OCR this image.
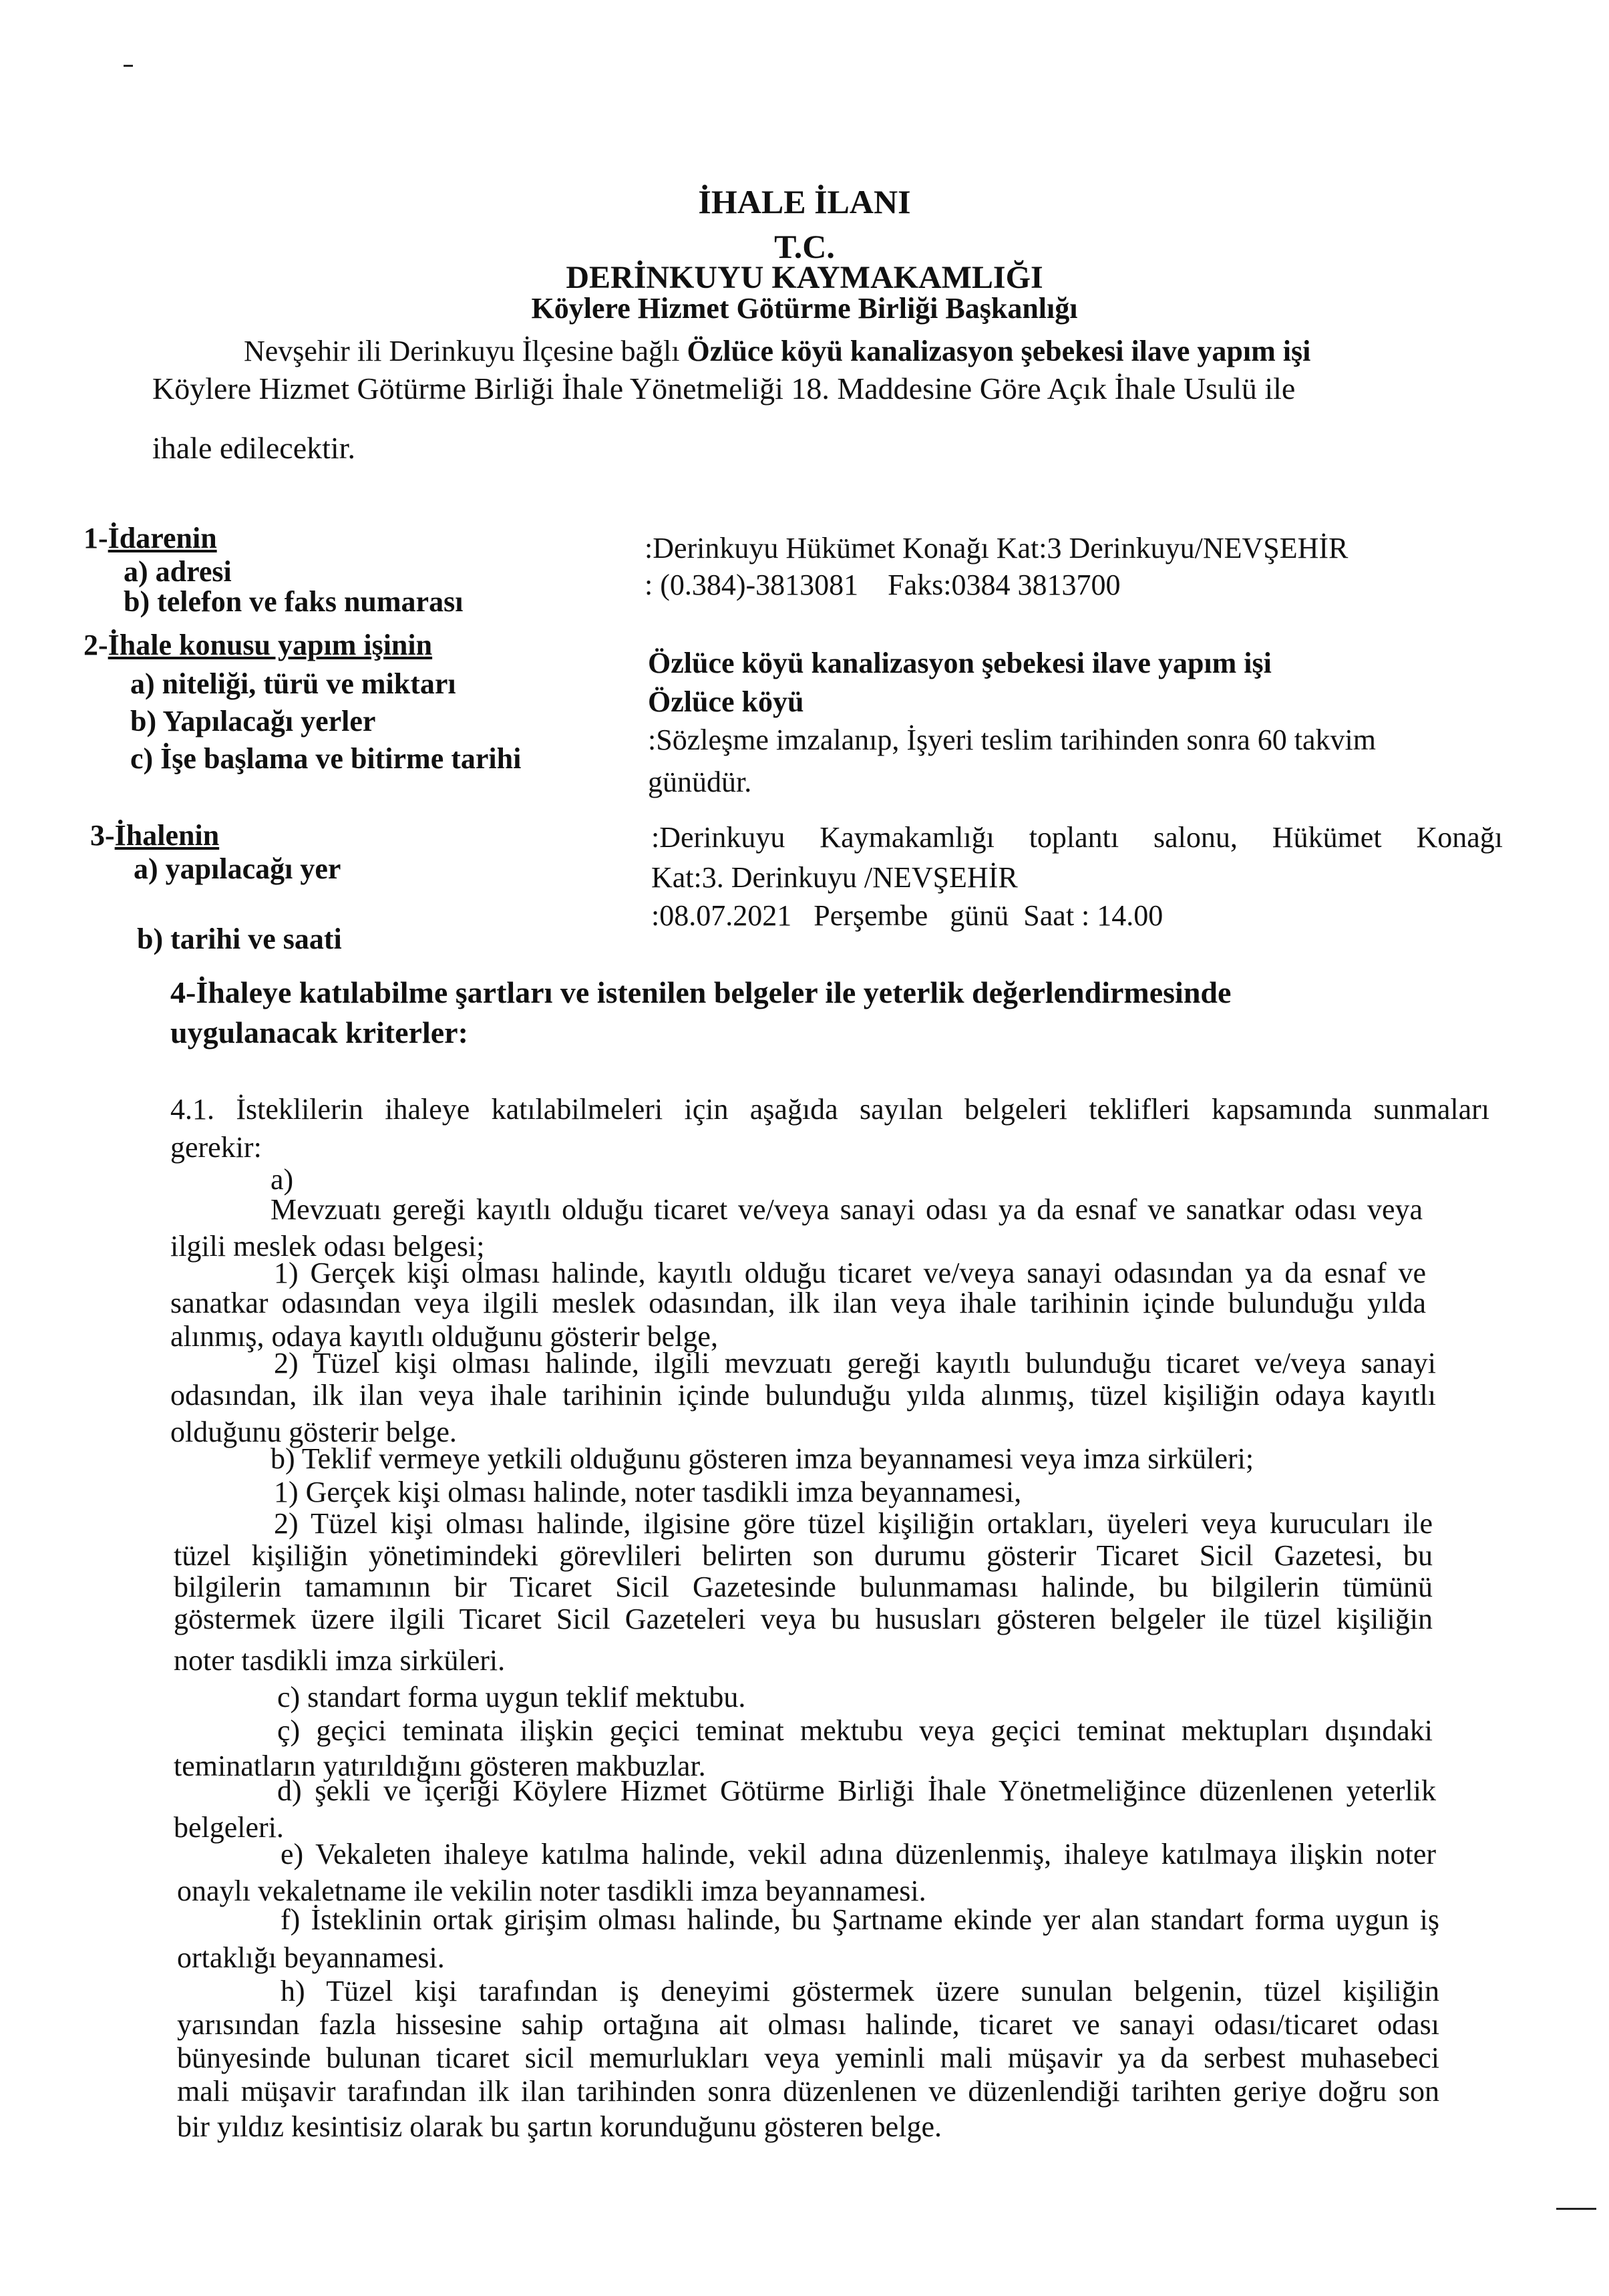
İHALE İLANI
T.C.
DERİNKUYU KAYMAKAMLIĞI
Köylere Hizmet Götürme Birliği Başkanlığı
Nevşehir ili Derinkuyu İlçesine bağlı Özlüce köyü kanalizasyon şebekesi ilave yapım işi
Köylere Hizmet Götürme Birliği İhale Yönetmeliği 18. Maddesine Göre Açık İhale Usulü ile
ihale edilecektir.
1-İdarenin
a) adresi
:Derinkuyu Hükümet Konağı Kat:3 Derinkuyu/NEVŞEHİR
b) telefon ve faks numarası
: (0.384)-3813081    Faks:0384 3813700
2-İhale konusu yapım işinin
a) niteliği, türü ve miktarı
Özlüce köyü kanalizasyon şebekesi ilave yapım işi
b) Yapılacağı yerler
Özlüce köyü
c) İşe başlama ve bitirme tarihi
:Sözleşme imzalanıp, İşyeri teslim tarihinden sonra 60 takvim
günüdür.
3-İhalenin
a) yapılacağı yer
:Derinkuyu Kaymakamlığı toplantı salonu, Hükümet Konağı
Kat:3. Derinkuyu /NEVŞEHİR
b) tarihi ve saati
:08.07.2021   Perşembe   günü  Saat : 14.00
4-İhaleye katılabilme şartları ve istenilen belgeler ile yeterlik değerlendirmesinde
uygulanacak kriterler:
4.1. İsteklilerin ihaleye katılabilmeleri için aşağıda sayılan belgeleri teklifleri kapsamında sunmaları
gerekir:
a)
Mevzuatı gereği kayıtlı olduğu ticaret ve/veya sanayi odası ya da esnaf ve sanatkar odası veya
ilgili meslek odası belgesi;
1) Gerçek kişi olması halinde, kayıtlı olduğu ticaret ve/veya sanayi odasından ya da esnaf ve
sanatkar odasından veya ilgili meslek odasından, ilk ilan veya ihale tarihinin içinde bulunduğu yılda
alınmış, odaya kayıtlı olduğunu gösterir belge,
2) Tüzel kişi olması halinde, ilgili mevzuatı gereği kayıtlı bulunduğu ticaret ve/veya sanayi
odasından, ilk ilan veya ihale tarihinin içinde bulunduğu yılda alınmış, tüzel kişiliğin odaya kayıtlı
olduğunu gösterir belge.
b) Teklif vermeye yetkili olduğunu gösteren imza beyannamesi veya imza sirküleri;
1) Gerçek kişi olması halinde, noter tasdikli imza beyannamesi,
2) Tüzel kişi olması halinde, ilgisine göre tüzel kişiliğin ortakları, üyeleri veya kurucuları ile
tüzel kişiliğin yönetimindeki görevlileri belirten son durumu gösterir Ticaret Sicil Gazetesi, bu
bilgilerin tamamının bir Ticaret Sicil Gazetesinde bulunmaması halinde, bu bilgilerin tümünü
göstermek üzere ilgili Ticaret Sicil Gazeteleri veya bu hususları gösteren belgeler ile tüzel kişiliğin
noter tasdikli imza sirküleri.
c) standart forma uygun teklif mektubu.
ç) geçici teminata ilişkin geçici teminat mektubu veya geçici teminat mektupları dışındaki
teminatların yatırıldığını gösteren makbuzlar.
d) şekli ve içeriği Köylere Hizmet Götürme Birliği İhale Yönetmeliğince düzenlenen yeterlik
belgeleri.
e) Vekaleten ihaleye katılma halinde, vekil adına düzenlenmiş, ihaleye katılmaya ilişkin noter
onaylı vekaletname ile vekilin noter tasdikli imza beyannamesi.
f) İsteklinin ortak girişim olması halinde, bu Şartname ekinde yer alan standart forma uygun iş
ortaklığı beyannamesi.
h) Tüzel kişi tarafından iş deneyimi göstermek üzere sunulan belgenin, tüzel kişiliğin
yarısından fazla hissesine sahip ortağına ait olması halinde, ticaret ve sanayi odası/ticaret odası
bünyesinde bulunan ticaret sicil memurlukları veya yeminli mali müşavir ya da serbest muhasebeci
mali müşavir tarafından ilk ilan tarihinden sonra düzenlenen ve düzenlendiği tarihten geriye doğru son
bir yıldız kesintisiz olarak bu şartın korunduğunu gösteren belge.
